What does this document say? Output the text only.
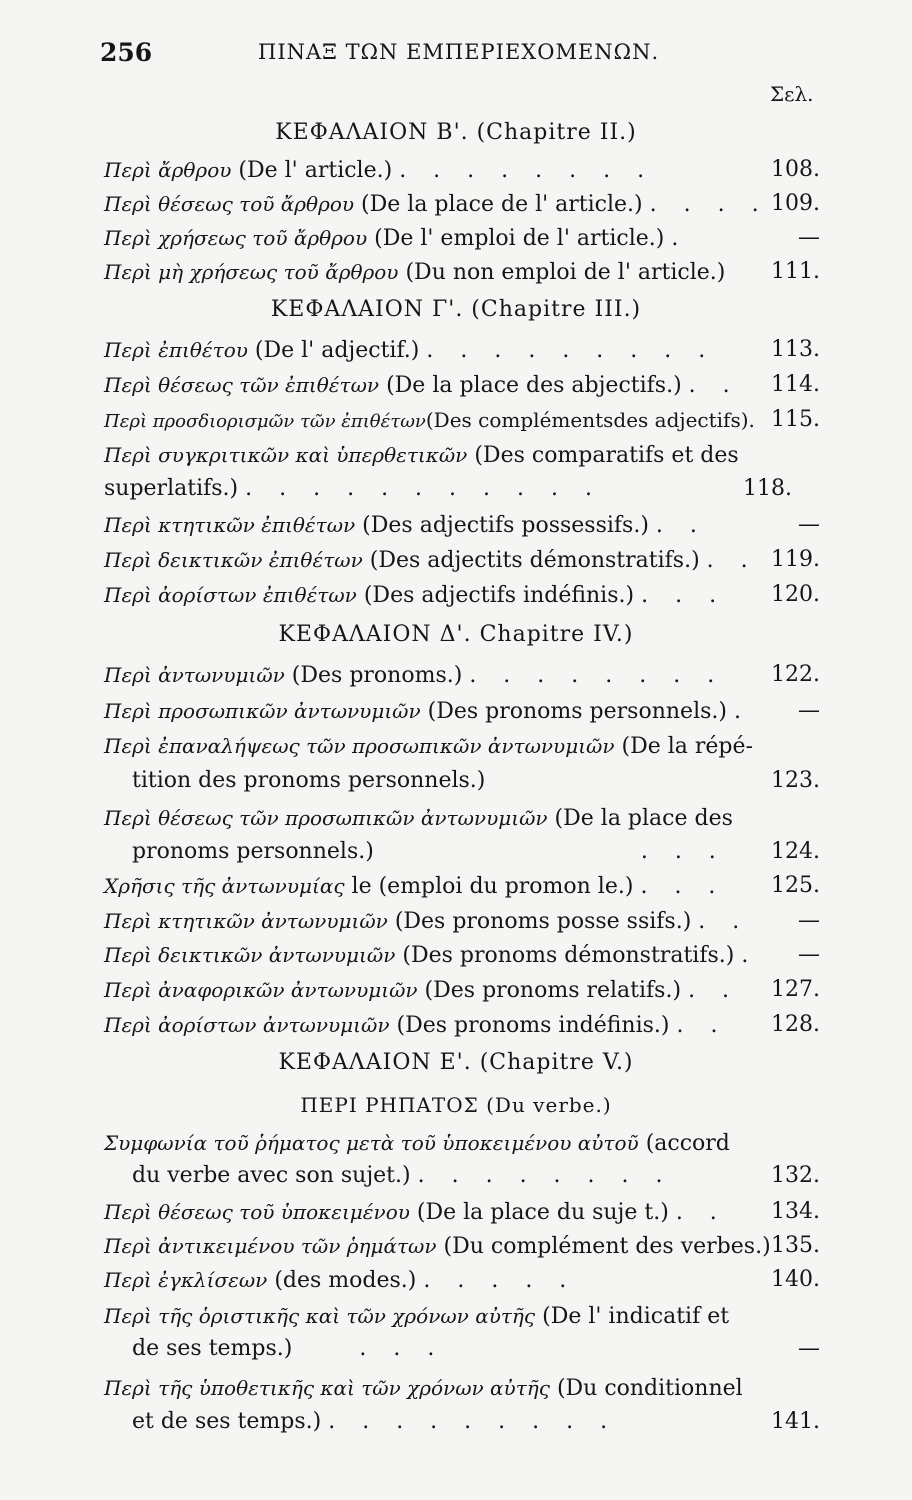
256	ΠΙΝΑΞ ΤΩΝ ΕΜΠΕΡΙΕΧΟΜΕΝΩΝ.
Σελ.
ΚΕΦΑΛΑΙΟΝ Β'. (Chapitre II.)
Περὶ ἄρθρου (De l' article.) . . . . . . . .	108.
Περὶ θέσεως τοῦ ἄρθρου (De la place de l' article.) . . . . 109.
Περὶ χρήσεως τοῦ ἄρθρου (De l' emploi de l' article.) .	—
Περὶ μὴ χρήσεως τοῦ ἄρθρου (Du non emploi de l' article.) 111.
ΚΕΦΑΛΑΙΟΝ Γ'. (Chapitre III.)
Περὶ ἐπιθέτου (De l' adjectif.) . . . . . . . . .	113.
Περὶ θέσεως τῶν ἐπιθέτων (De la place des abjectifs.) . . 114.
Περὶ προσδιορισμῶν τῶν ἐπιθέτων(Des complémentsdes adjectifs). 115.
Περὶ συγκριτικῶν καὶ ὑπερθετικῶν (Des comparatifs et des
superlatifs.) . . . . . . . . . . .	118.
Περὶ κτητικῶν ἐπιθέτων (Des adjectifs possessifs.) . .	—
Περὶ δεικτικῶν ἐπιθέτων (Des adjectits démonstratifs.) . . 119.
Περὶ ἀορίστων ἐπιθέτων (Des adjectifs indéfinis.) . . . 120.
ΚΕΦΑΛΑΙΟΝ Δ'. Chapitre IV.)
Περὶ ἀντωνυμιῶν (Des pronoms.) . . . . . . . . 122.
Περὶ προσωπικῶν ἀντωνυμιῶν (Des pronoms personnels.) . —
Περὶ ἐπαναλήψεως τῶν προσωπικῶν ἀντωνυμιῶν (De la répé-
tition des pronoms personnels.)	123.
Περὶ θέσεως τῶν προσωπικῶν ἀντωνυμιῶν (De la place des
pronoms personnels.)	. . . 124.
Χρῆσις τῆς ἀντωνυμίας le (emploi du promon le.) . . . 125.
Περὶ κτητικῶν ἀντωνυμιῶν (Des pronoms posse ssifs.) . . —
Περὶ δεικτικῶν ἀντωνυμιῶν (Des pronoms démonstratifs.) . —
Περὶ ἀναφορικῶν ἀντωνυμιῶν (Des pronoms relatifs.) . . 127.
Περὶ ἀορίστων ἀντωνυμιῶν (Des pronoms indéfinis.) . . 128.
ΚΕΦΑΛΑΙΟΝ Ε'. (Chapitre V.)
ΠΕΡΙ ΡΗΠΑΤΟΣ (Du verbe.)
Συμφωνία τοῦ ῥήματος μετὰ τοῦ ὑποκειμένου αὐτοῦ (accord
du verbe avec son sujet.) . . . . . . . .	132.
Περὶ θέσεως τοῦ ὑποκειμένου (De la place du suje t.) . . 134.
Περὶ ἀντικειμένου τῶν ῥημάτων (Du complément des verbes.) 135.
Περὶ ἐγκλίσεων (des modes.) . . . . .	140.
Περὶ τῆς ὁριστικῆς καὶ τῶν χρόνων αὐτῆς (De l' indicatif et
de ses temps.)	. . .	—
Περὶ τῆς ὑποθετικῆς καὶ τῶν χρόνων αὐτῆς (Du conditionnel
et de ses temps.) . . . . . . . . .	141.
